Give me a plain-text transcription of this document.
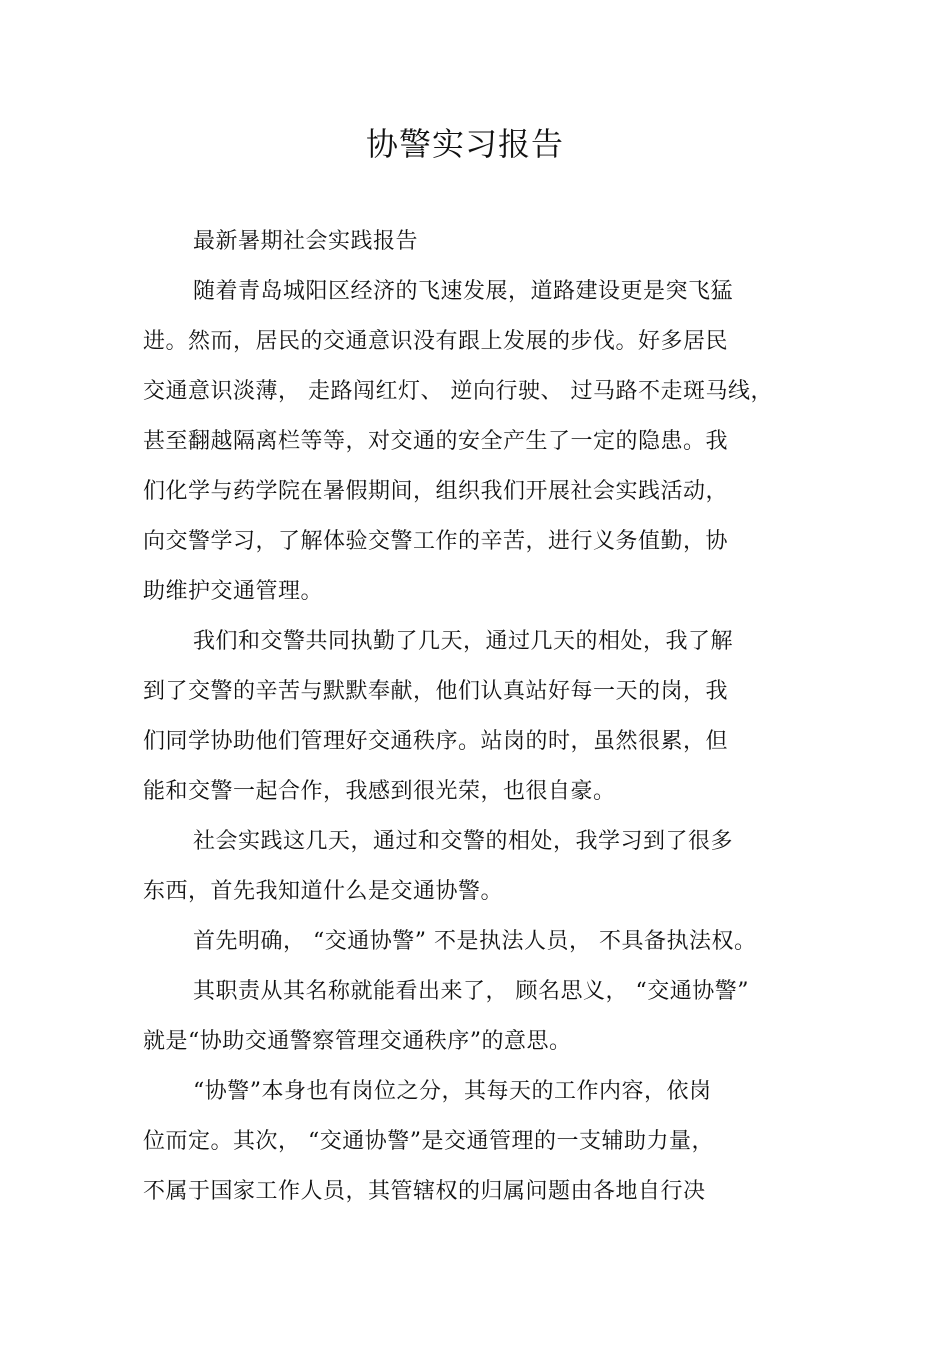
协警实习报告
最新暑期社会实践报告
随着青岛城阳区经济的飞速发展，道路建设更是突飞猛
进。然而，居民的交通意识没有跟上发展的步伐。好多居民
交通意识淡薄， 走路闯红灯、 逆向行驶、 过马路不走斑马线，
甚至翻越隔离栏等等，对交通的安全产生了一定的隐患。我
们化学与药学院在暑假期间，组织我们开展社会实践活动，
向交警学习，了解体验交警工作的辛苦，进行义务值勤，协
助维护交通管理。
我们和交警共同执勤了几天，通过几天的相处，我了解
到了交警的辛苦与默默奉献，他们认真站好每一天的岗，我
们同学协助他们管理好交通秩序。站岗的时，虽然很累，但
能和交警一起合作，我感到很光荣，也很自豪。
社会实践这几天，通过和交警的相处，我学习到了很多
东西，首先我知道什么是交通协警。
首先明确， “交通协警” 不是执法人员， 不具备执法权。
其职责从其名称就能看出来了， 顾名思义， “交通协警”
就是“协助交通警察管理交通秩序”的意思。
“协警”本身也有岗位之分，其每天的工作内容，依岗
位而定。其次， “交通协警”是交通管理的一支辅助力量，
不属于国家工作人员，其管辖权的归属问题由各地自行决
